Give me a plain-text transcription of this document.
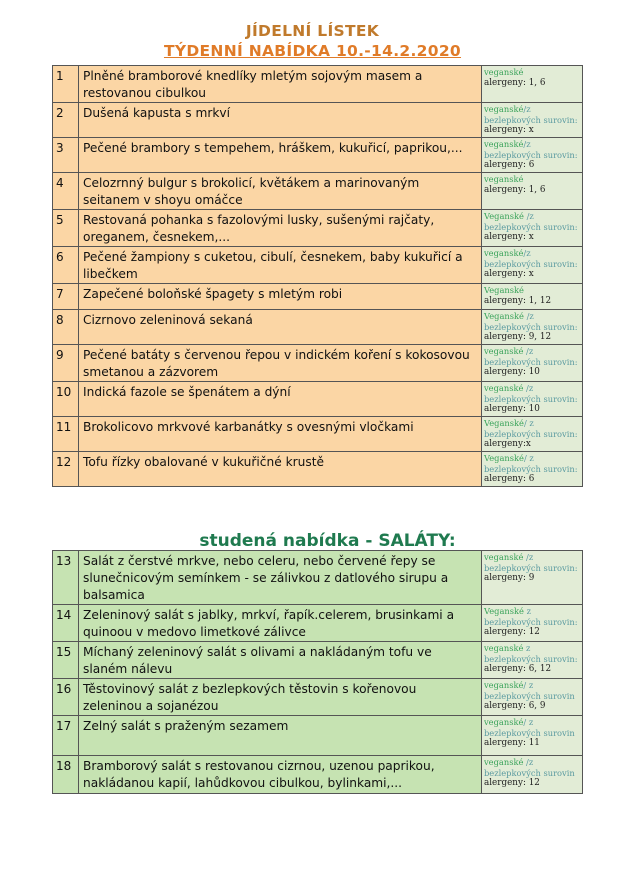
JÍDELNÍ LÍSTEK
TÝDENNÍ NABÍDKA 10.-14.2.2020
1	Plněné bramborové knedlíky mletým sojovým masem a restovanou cibulkou	veganské
alergeny: 1, 6

2	Dušená kapusta s mrkví	veganské/z bezlepkových surovin:
alergeny: x

3	Pečené brambory s tempehem, hráškem, kukuřicí, paprikou,...	veganské/z bezlepkových surovin:
alergeny: 6

4	Celozrnný bulgur s brokolicí, květákem a marinovaným seitanem v shoyu omáčce	veganské
alergeny: 1, 6

5	Restovaná pohanka s fazolovými lusky, sušenými rajčaty, oreganem, česnekem,...	Veganské /z bezlepkových surovin:
alergeny: x

6	Pečené žampiony s cuketou, cibulí, česnekem, baby kukuřicí a libečkem	veganské/z bezlepkových surovin:
alergeny: x

7	Zapečené boloňské špagety s mletým robi	Veganské
alergeny: 1, 12

8	Cizrnovo zeleninová sekaná	Veganské /z bezlepkových surovin:
alergeny: 9, 12

9	Pečené batáty s červenou řepou v indickém koření s kokosovou smetanou a zázvorem	veganské /z bezlepkových surovin:
alergeny: 10

10	Indická fazole se špenátem a dýní	veganské /z bezlepkových surovin:
alergeny: 10

11	Brokolicovo mrkvové karbanátky s ovesnými vločkami	Veganské/ z bezlepkových surovin:
alergeny:x

12	Tofu řízky obalované v kukuřičné krustě	Veganské/ z bezlepkových surovin:
alergeny: 6
studená nabídka - SALÁTY:
13	Salát z čerstvé mrkve, nebo celeru, nebo červené řepy se slunečnicovým semínkem - se zálivkou z datlového sirupu a balsamica	veganské /z bezlepkových surovin:
alergeny: 9

14	Zeleninový salát s jablky, mrkví, řapík.celerem, brusinkami a quinoou v medovo limetkové zálivce	Veganské z bezlepkových surovin:
alergeny: 12

15	Míchaný zeleninový salát s olivami a nakládaným tofu ve slaném nálevu	veganské z bezlepkových surovin:
alergeny: 6, 12

16	Těstovinový salát z bezlepkových těstovin s kořenovou zeleninou a sojanézou	veganské/ z bezlepkových surovin
alergeny: 6, 9

17	Zelný salát s praženým sezamem	veganské/ z bezlepkových surovin
alergeny: 11

18	Bramborový salát s restovanou cizrnou, uzenou paprikou, nakládanou kapií, lahůdkovou cibulkou, bylinkami,...	veganské /z bezlepkových surovin
alergeny: 12
